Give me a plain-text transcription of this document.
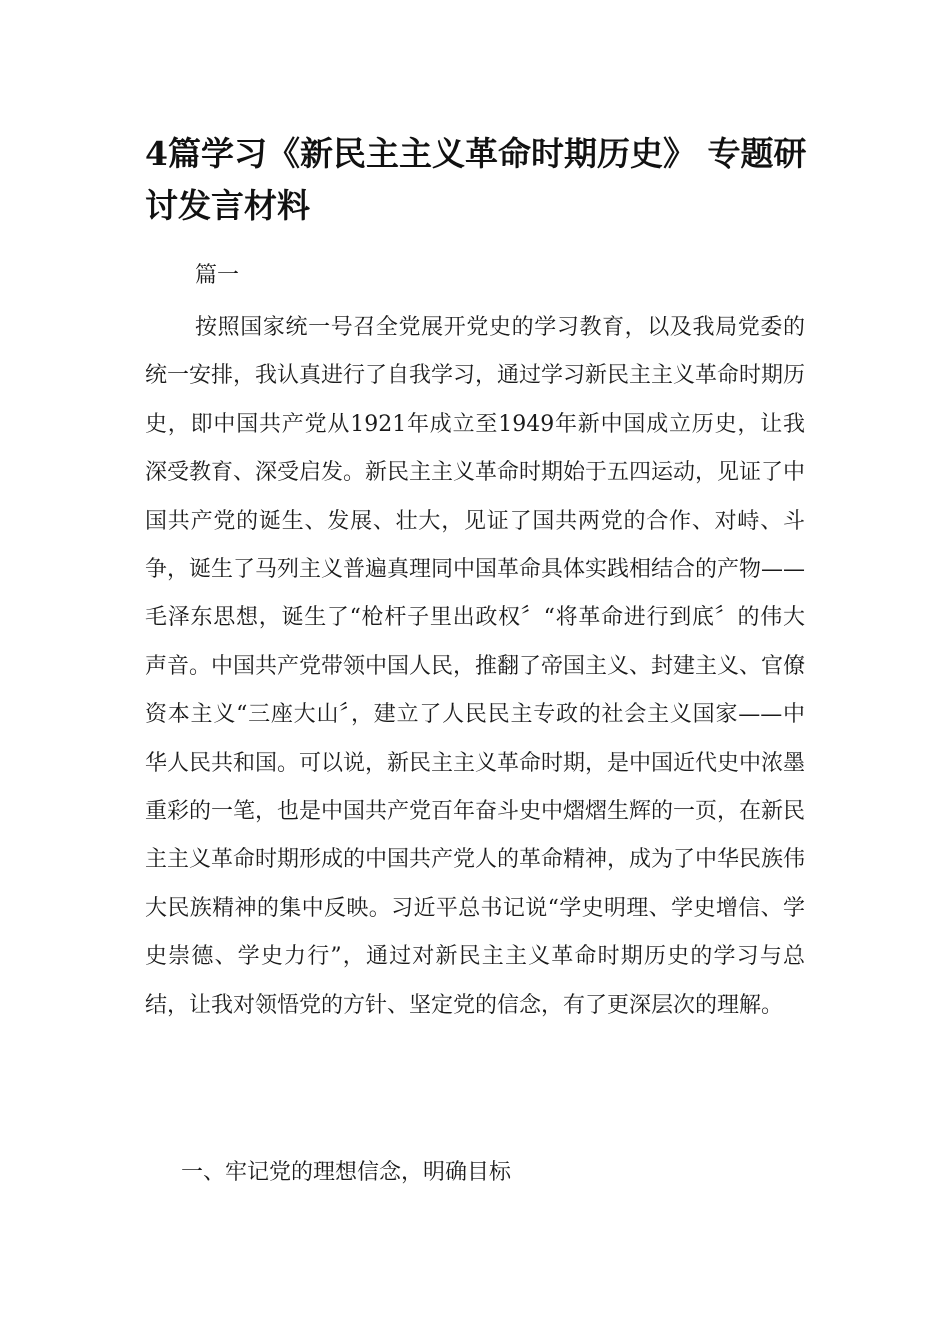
4篇学习《新民主主义革命时期历史》 专题研讨发言材料

篇一

按照国家统一号召全党展开党史的学习教育，以及我局党委的统一安排，我认真进行了自我学习，通过学习新民主主义革命时期历史，即中国共产党从1921年成立至1949年新中国成立历史，让我深受教育、深受启发。新民主主义革命时期始于五四运动，见证了中国共产党的诞生、发展、壮大，见证了国共两党的合作、对峙、斗争，诞生了马列主义普遍真理同中国革命具体实践相结合的产物——毛泽东思想，诞生了“枪杆子里出政权〞“将革命进行到底〞的伟大声音。中国共产党带领中国人民，推翻了帝国主义、封建主义、官僚资本主义“三座大山〞，建立了人民民主专政的社会主义国家——中华人民共和国。可以说，新民主主义革命时期，是中国近代史中浓墨重彩的一笔，也是中国共产党百年奋斗史中熠熠生辉的一页，在新民主主义革命时期形成的中国共产党人的革命精神，成为了中华民族伟大民族精神的集中反映。习近平总书记说“学史明理、学史增信、学史崇德、学史力行”，通过对新民主主义革命时期历史的学习与总结，让我对领悟党的方针、坚定党的信念，有了更深层次的理解。

一、牢记党的理想信念，明确目标
